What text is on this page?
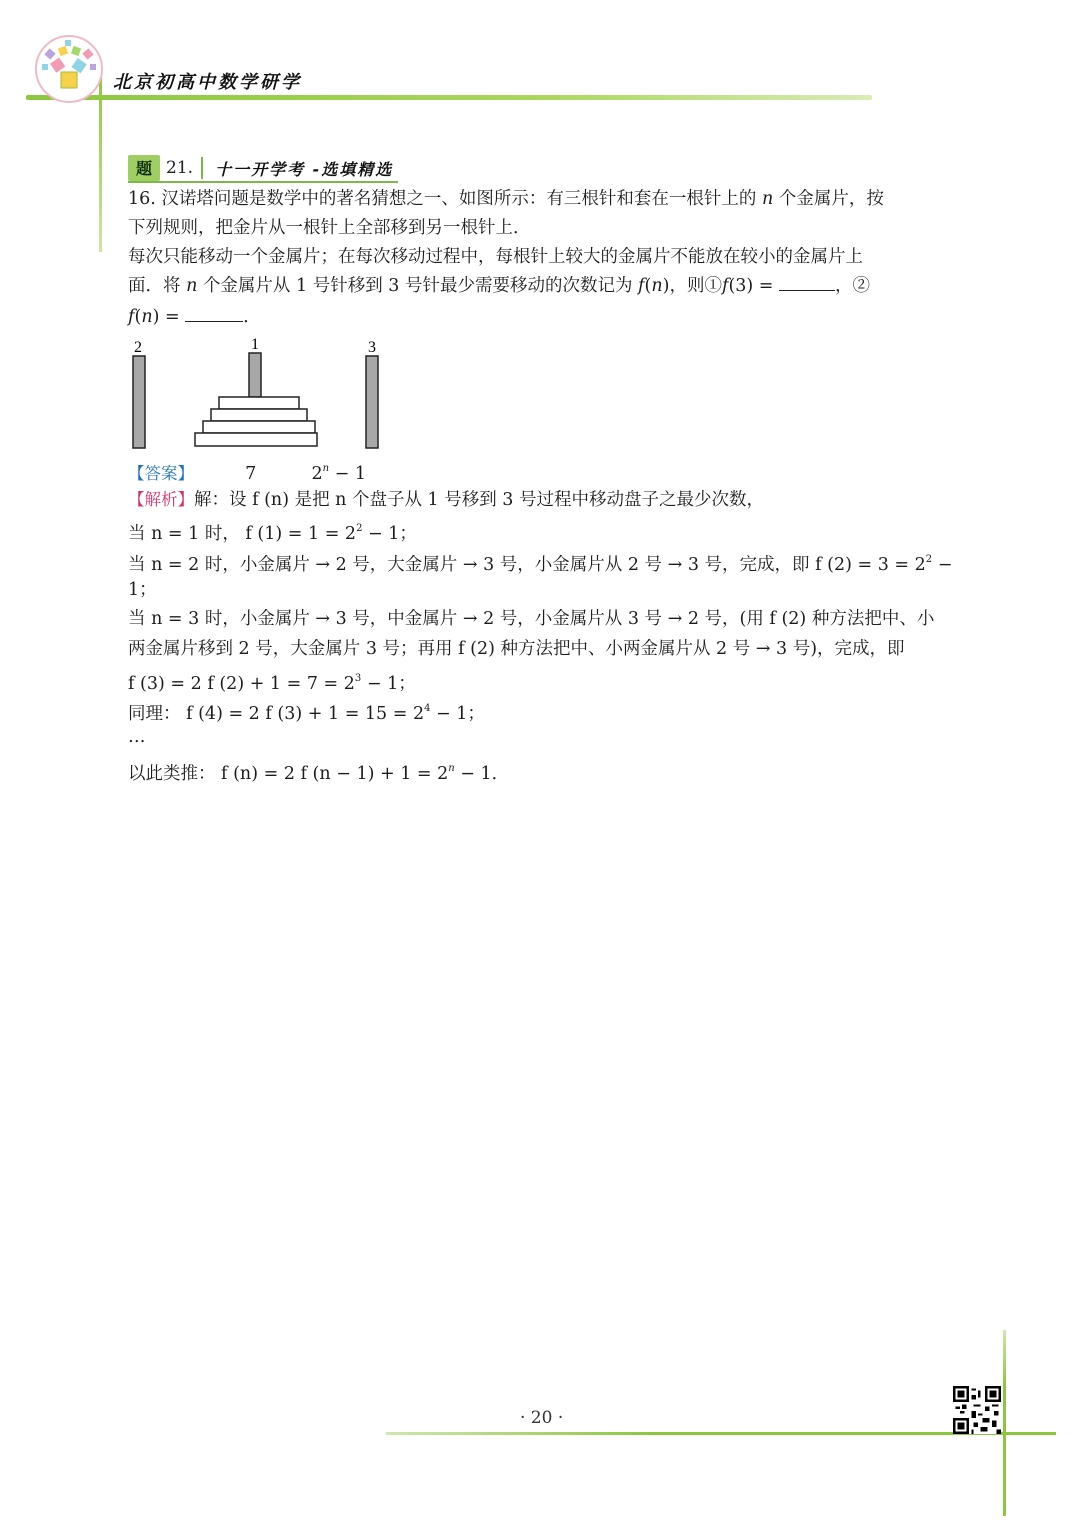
北京初高中数学研学
题 21. 十一开学考 -选填精选
16. 汉诺塔问题是数学中的著名猜想之一、如图所示：有三根针和套在一根针上的 n 个金属片，按
下列规则，把金片从一根针上全部移到另一根针上．
每次只能移动一个金属片；在每次移动过程中，每根针上较大的金属片不能放在较小的金属片上
面．将 n 个金属片从 1 号针移到 3 号针最少需要移动的次数记为 f(n)，则①f(3) =	，②
f(n) =	．
2	1	3
【答案】	7	$2^n - 1$
【解析】解：设 f (n) 是把 n 个盘子从 1 号移到 3 号过程中移动盘子之最少次数，
当 n = 1 时， f $(1) = 1 = 2^2 - 1$；
当 n = 2 时，小金属片 → 2 号，大金属片 → 3 号，小金属片从 2 号 → 3 号，完成，即 f $(2) = 3 = 2^2$ −
1；
当 n = 3 时，小金属片 → 3 号，中金属片 → 2 号，小金属片从 3 号 → 2 号，(用 f (2) 种方法把中、小
两金属片移到 2 号，大金属片 3 号；再用 f (2) 种方法把中、小两金属片从 2 号 → 3 号)，完成，即
f (3) = 2 f $(2) + 1 = 7 = 2^3 - 1$；
同理： f (4) = 2 f $(3) + 1 = 15 = 2^4 - 1$；
…
以此类推： f (n) = 2 f $(n - 1) + 1 = 2^n - 1$．
· 20 ·
